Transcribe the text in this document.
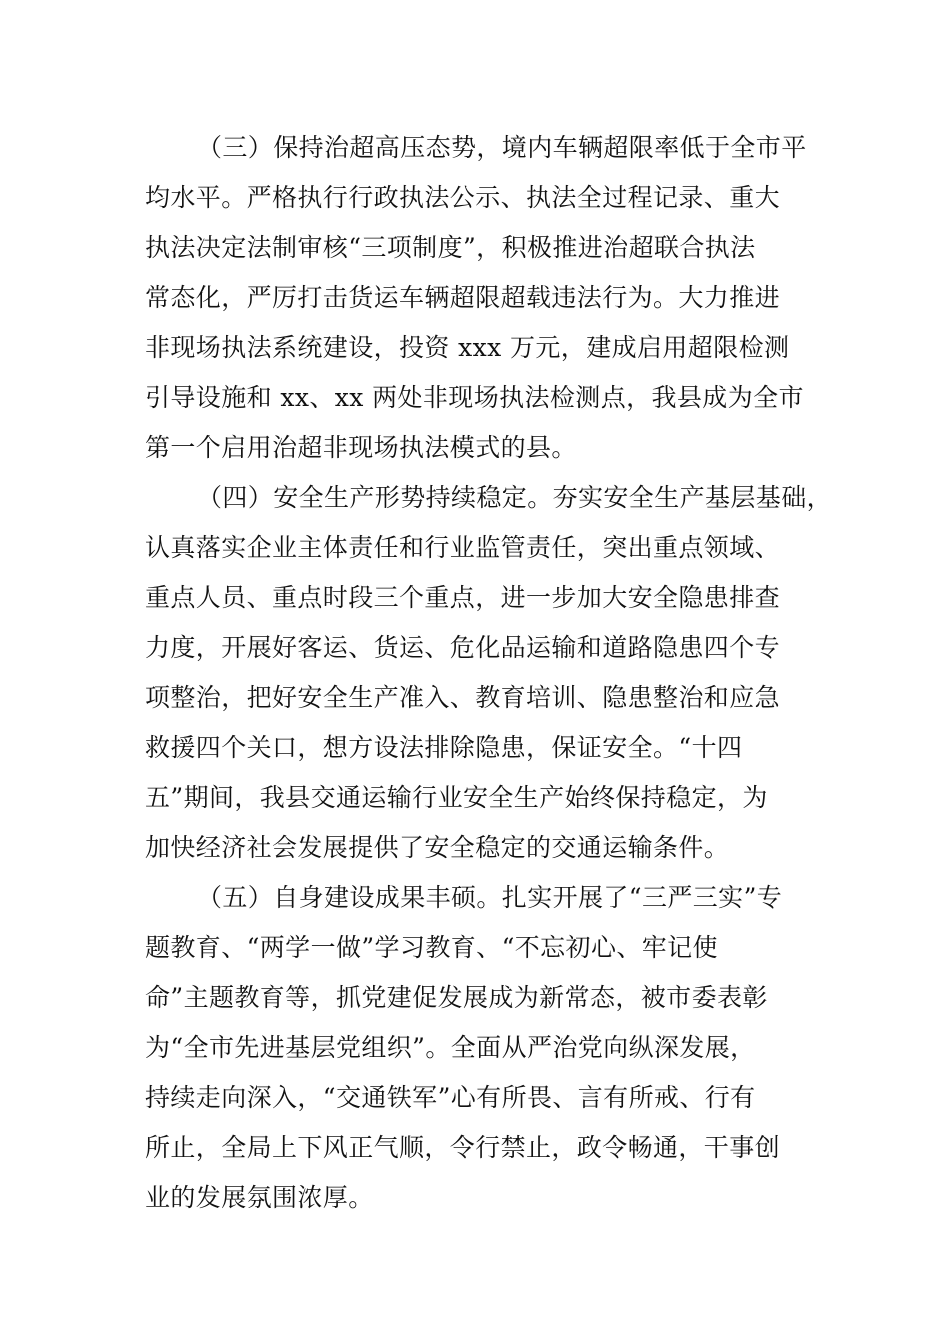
（三）保持治超高压态势，境内车辆超限率低于全市平
均水平。严格执行行政执法公示、执法全过程记录、重大
执法决定法制审核“三项制度”，积极推进治超联合执法
常态化，严厉打击货运车辆超限超载违法行为。大力推进
非现场执法系统建设，投资 xxx 万元，建成启用超限检测
引导设施和 xx、xx 两处非现场执法检测点，我县成为全市
第一个启用治超非现场执法模式的县。
（四）安全生产形势持续稳定。夯实安全生产基层基础，
认真落实企业主体责任和行业监管责任，突出重点领域、
重点人员、重点时段三个重点，进一步加大安全隐患排查
力度，开展好客运、货运、危化品运输和道路隐患四个专
项整治，把好安全生产准入、教育培训、隐患整治和应急
救援四个关口，想方设法排除隐患，保证安全。“十四
五”期间，我县交通运输行业安全生产始终保持稳定，为
加快经济社会发展提供了安全稳定的交通运输条件。
（五）自身建设成果丰硕。扎实开展了“三严三实”专
题教育、“两学一做”学习教育、“不忘初心、牢记使
命”主题教育等，抓党建促发展成为新常态，被市委表彰
为“全市先进基层党组织”。全面从严治党向纵深发展，
持续走向深入，“交通铁军”心有所畏、言有所戒、行有
所止，全局上下风正气顺，令行禁止，政令畅通，干事创
业的发展氛围浓厚。
